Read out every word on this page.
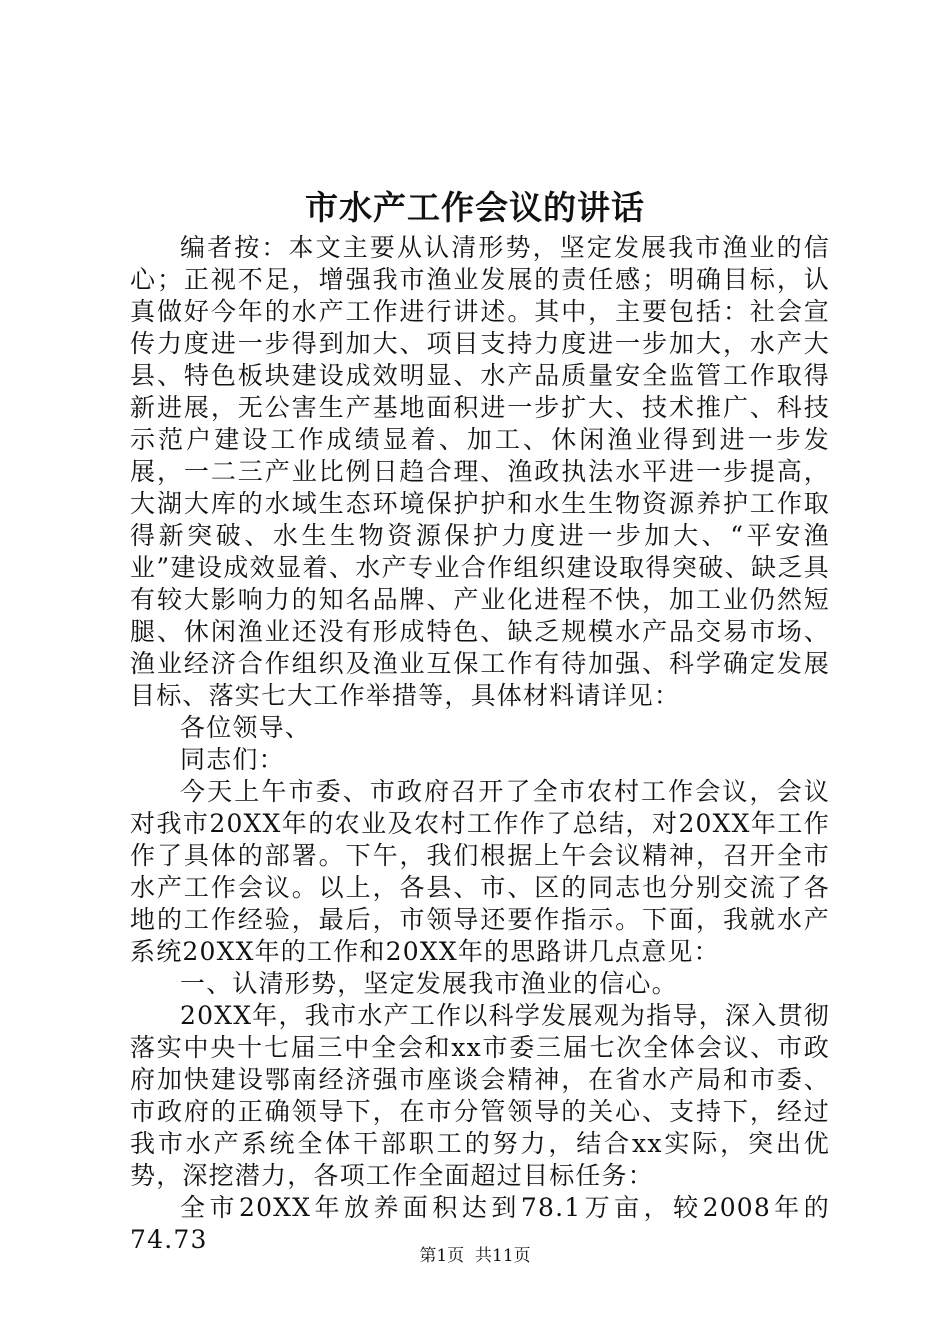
市水产工作会议的讲话

编者按：本文主要从认清形势，坚定发展我市渔业的信心；正视不足，增强我市渔业发展的责任感；明确目标，认真做好今年的水产工作进行讲述。其中，主要包括：社会宣传力度进一步得到加大、项目支持力度进一步加大，水产大县、特色板块建设成效明显、水产品质量安全监管工作取得新进展，无公害生产基地面积进一步扩大、技术推广、科技示范户建设工作成绩显着、加工、休闲渔业得到进一步发展，一二三产业比例日趋合理、渔政执法水平进一步提高，大湖大库的水域生态环境保护护和水生生物资源养护工作取得新突破、水生生物资源保护力度进一步加大、“平安渔业”建设成效显着、水产专业合作组织建设取得突破、缺乏具有较大影响力的知名品牌、产业化进程不快，加工业仍然短腿、休闲渔业还没有形成特色、缺乏规模水产品交易市场、渔业经济合作组织及渔业互保工作有待加强、科学确定发展目标、落实七大工作举措等，具体材料请详见：

各位领导、

同志们：

今天上午市委、市政府召开了全市农村工作会议，会议对我市20XX年的农业及农村工作作了总结，对20XX年工作作了具体的部署。下午，我们根据上午会议精神，召开全市水产工作会议。以上，各县、市、区的同志也分别交流了各地的工作经验，最后，市领导还要作指示。下面，我就水产系统20XX年的工作和20XX年的思路讲几点意见：

一、认清形势，坚定发展我市渔业的信心。

20XX年，我市水产工作以科学发展观为指导，深入贯彻落实中央十七届三中全会和xx市委三届七次全体会议、市政府加快建设鄂南经济强市座谈会精神，在省水产局和市委、市政府的正确领导下，在市分管领导的关心、支持下，经过我市水产系统全体干部职工的努力，结合xx实际，突出优势，深挖潜力，各项工作全面超过目标任务：

全市20XX年放养面积达到78.1万亩，较2008年的74.73

第1页 共11页
